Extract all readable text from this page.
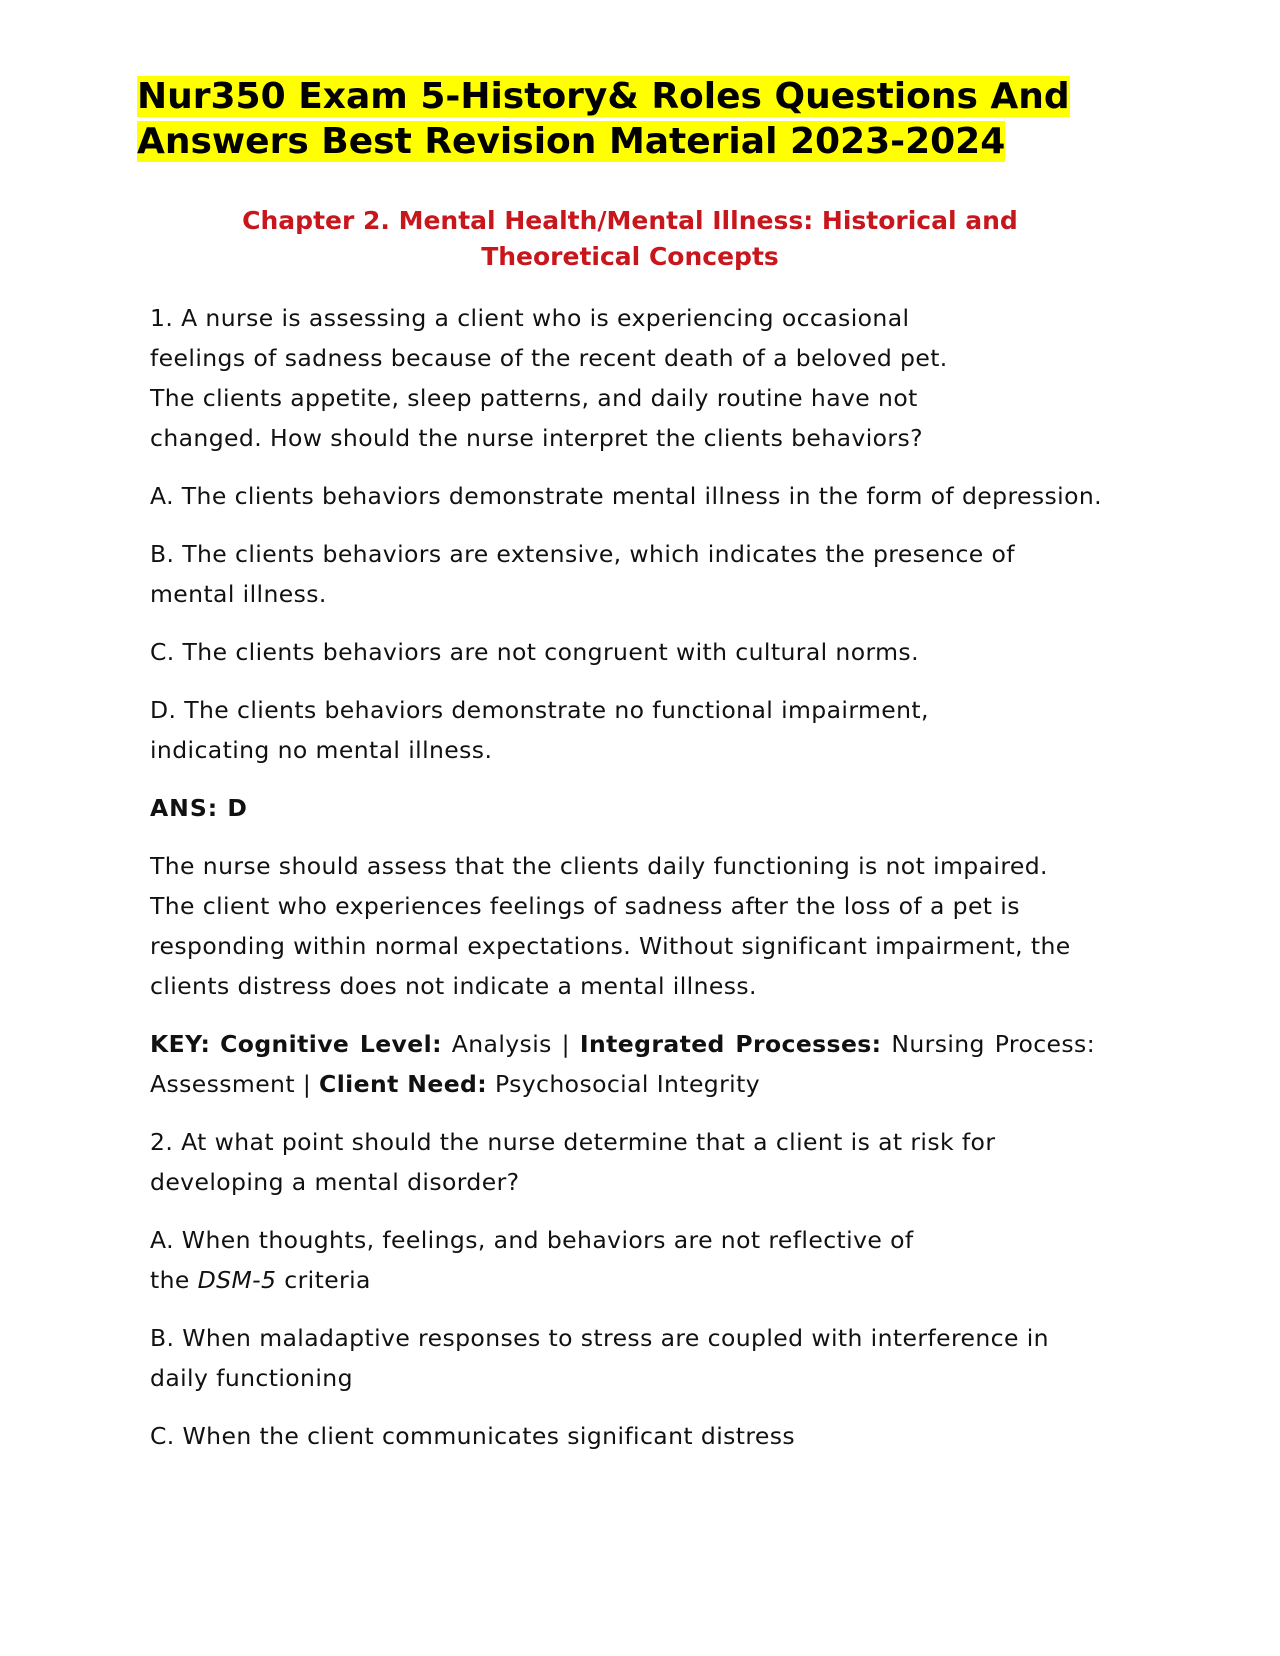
Nur350 Exam 5-History& Roles Questions And
Answers Best Revision Material 2023-2024
Chapter 2. Mental Health/Mental Illness: Historical and
Theoretical Concepts

1. A nurse is assessing a client who is experiencing occasional
feelings of sadness because of the recent death of a beloved pet.
The clients appetite, sleep patterns, and daily routine have not
changed. How should the nurse interpret the clients behaviors?

A. The clients behaviors demonstrate mental illness in the form of depression.

B. The clients behaviors are extensive, which indicates the presence of mental illness.

C. The clients behaviors are not congruent with cultural norms.

D. The clients behaviors demonstrate no functional impairment, indicating no mental illness.

ANS: D

The nurse should assess that the clients daily functioning is not impaired. The client who experiences feelings of sadness after the loss of a pet is responding within normal expectations. Without significant impairment, the clients distress does not indicate a mental illness.

KEY: Cognitive Level: Analysis | Integrated Processes: Nursing Process: Assessment | Client Need: Psychosocial Integrity

2. At what point should the nurse determine that a client is at risk for developing a mental disorder?

A. When thoughts, feelings, and behaviors are not reflective of
the DSM-5 criteria

B. When maladaptive responses to stress are coupled with interference in daily functioning

C. When the client communicates significant distress
